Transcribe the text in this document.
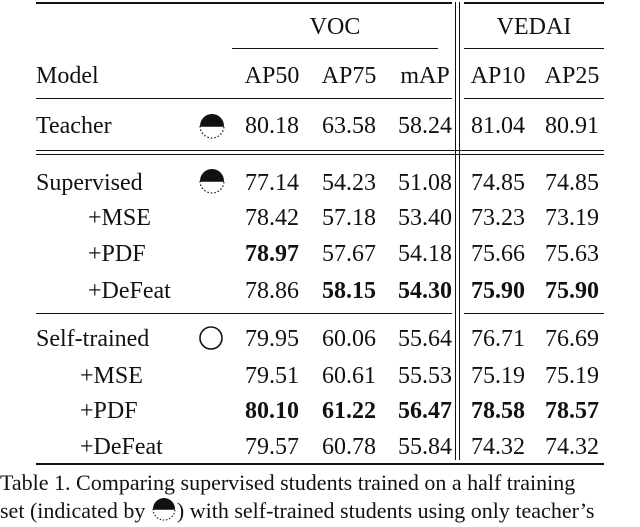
VOC	VEDAI
Model	AP50 AP75 mAP AP10 AP25
Teacher	80.18 63.58 58.24 81.04 80.91
Supervised	77.14 54.23 51.08 74.85 74.85
+MSE	78.42 57.18 53.40 73.23 73.19
+PDF	78.97 57.67 54.18 75.66 75.63
+DeFeat	78.86 58.15 54.30 75.90 75.90
Self-trained	79.95 60.06 55.64 76.71 76.69
+MSE	79.51 60.61 55.53 75.19 75.19
+PDF	80.10 61.22 56.47 78.58 78.57
+DeFeat	79.57 60.78 55.84 74.32 74.32
Table 1. Comparing supervised students trained on a half training
set (indicated by ) with self-trained students using only teacher’s
